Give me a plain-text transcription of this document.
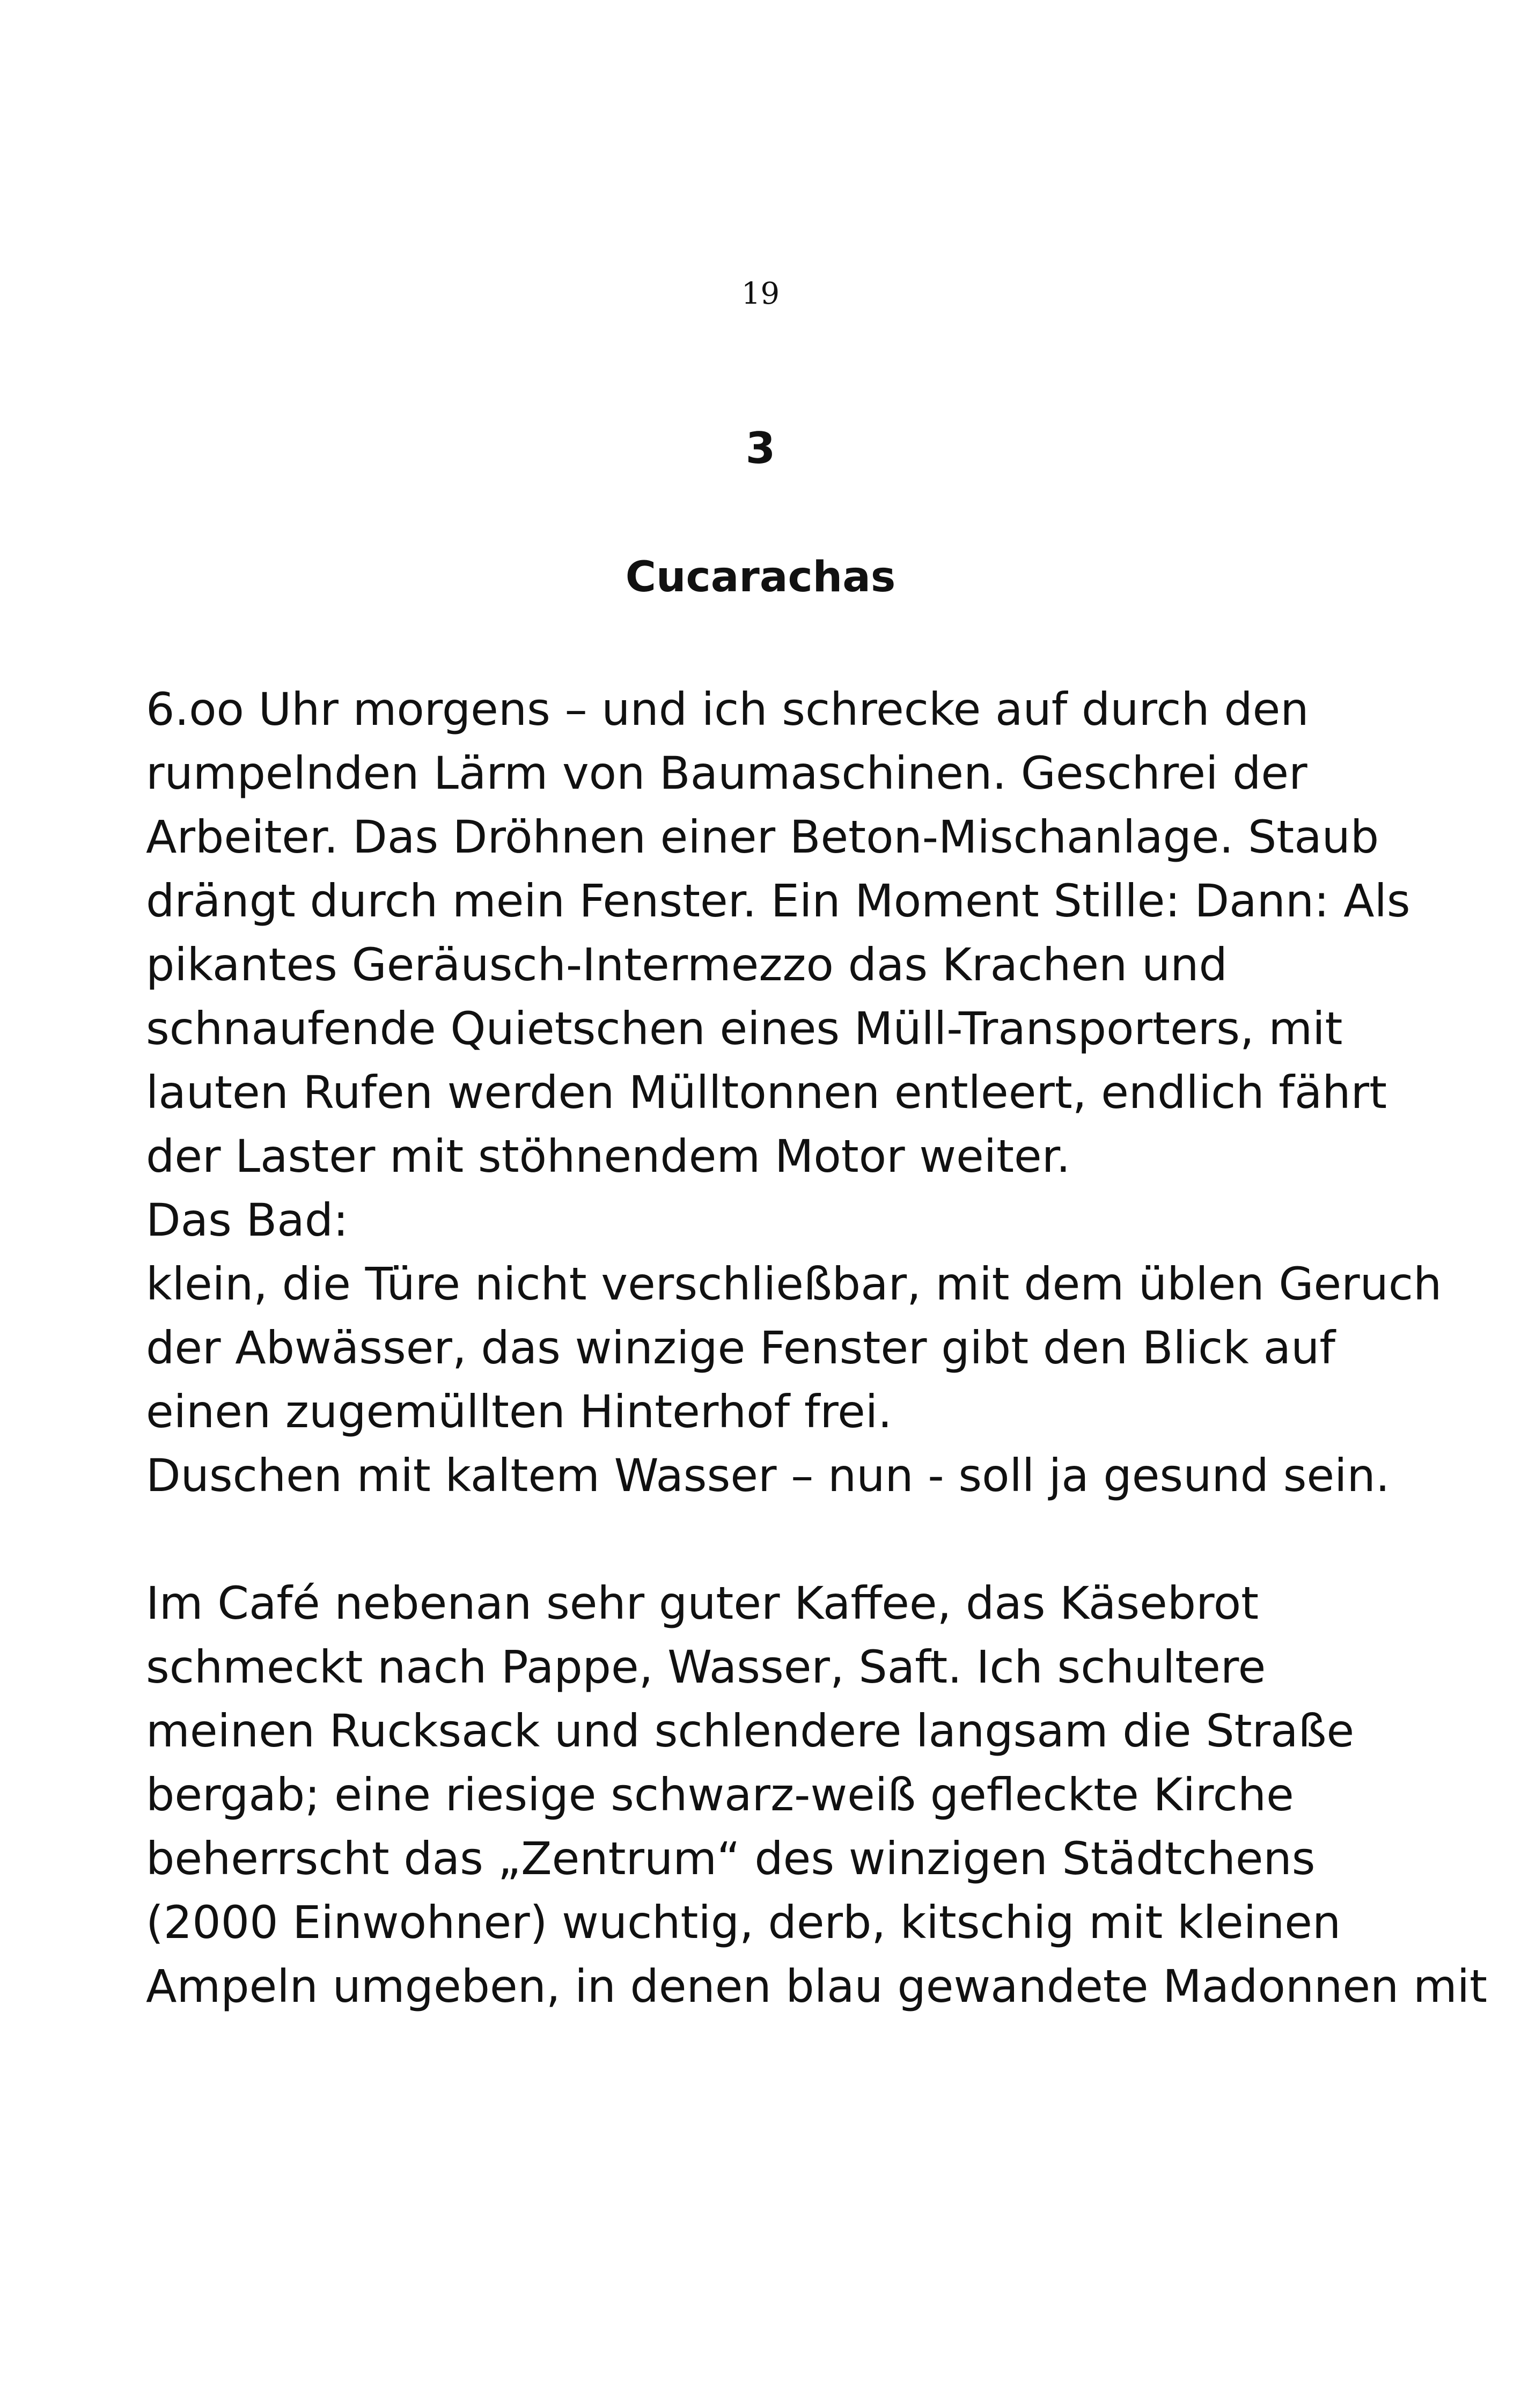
19

3
Cucarachas
6.oo Uhr morgens – und ich schrecke auf durch den
rumpelnden Lärm von Baumaschinen. Geschrei der
Arbeiter. Das Dröhnen einer Beton-Mischanlage. Staub
drängt durch mein Fenster. Ein Moment Stille: Dann: Als
pikantes Geräusch-Intermezzo das Krachen und
schnaufende Quietschen eines Müll-Transporters, mit
lauten Rufen werden Mülltonnen entleert, endlich fährt
der Laster mit stöhnendem Motor weiter.
Das Bad:
klein, die Türe nicht verschließbar, mit dem üblen Geruch
der Abwässer, das winzige Fenster gibt den Blick auf
einen zugemüllten Hinterhof frei.
Duschen mit kaltem Wasser – nun - soll ja gesund sein.
Im Café nebenan sehr guter Kaffee, das Käsebrot
schmeckt nach Pappe, Wasser, Saft. Ich schultere
meinen Rucksack und schlendere langsam die Straße
bergab; eine riesige schwarz-weiß gefleckte Kirche
beherrscht das „Zentrum“ des winzigen Städtchens
(2000 Einwohner) wuchtig, derb, kitschig mit kleinen
Ampeln umgeben, in denen blau gewandete Madonnen mit
